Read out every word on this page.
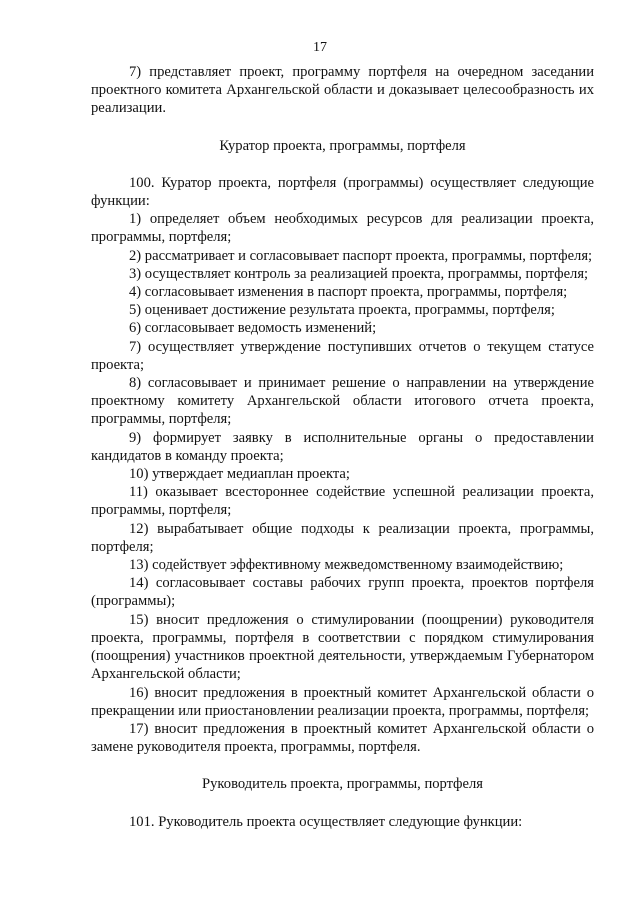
17

7) представляет проект, программу портфеля на очередном заседании проектного комитета Архангельской области и доказывает целесообразность их реализации.

Куратор проекта, программы, портфеля

100. Куратор проекта, портфеля (программы) осуществляет следующие функции:

1) определяет объем необходимых ресурсов для реализации проекта, программы, портфеля;

2) рассматривает и согласовывает паспорт проекта, программы, портфеля;

3) осуществляет контроль за реализацией проекта, программы, портфеля;

4) согласовывает изменения в паспорт проекта, программы, портфеля;

5) оценивает достижение результата проекта, программы, портфеля;

6) согласовывает ведомость изменений;

7) осуществляет утверждение поступивших отчетов о текущем статусе проекта;

8) согласовывает и принимает решение о направлении на утверждение проектному комитету Архангельской области итогового отчета проекта, программы, портфеля;

9) формирует заявку в исполнительные органы о предоставлении кандидатов в команду проекта;

10) утверждает медиаплан проекта;

11) оказывает всестороннее содействие успешной реализации проекта, программы, портфеля;

12) вырабатывает общие подходы к реализации проекта, программы, портфеля;

13) содействует эффективному межведомственному взаимодействию;

14) согласовывает составы рабочих групп проекта, проектов портфеля (программы);

15) вносит предложения о стимулировании (поощрении) руководителя проекта, программы, портфеля в соответствии с порядком стимулирования (поощрения) участников проектной деятельности, утверждаемым Губернатором Архангельской области;

16) вносит предложения в проектный комитет Архангельской области о прекращении или приостановлении реализации проекта, программы, портфеля;

17) вносит предложения в проектный комитет Архангельской области о замене руководителя проекта, программы, портфеля.

Руководитель проекта, программы, портфеля

101. Руководитель проекта осуществляет следующие функции:
